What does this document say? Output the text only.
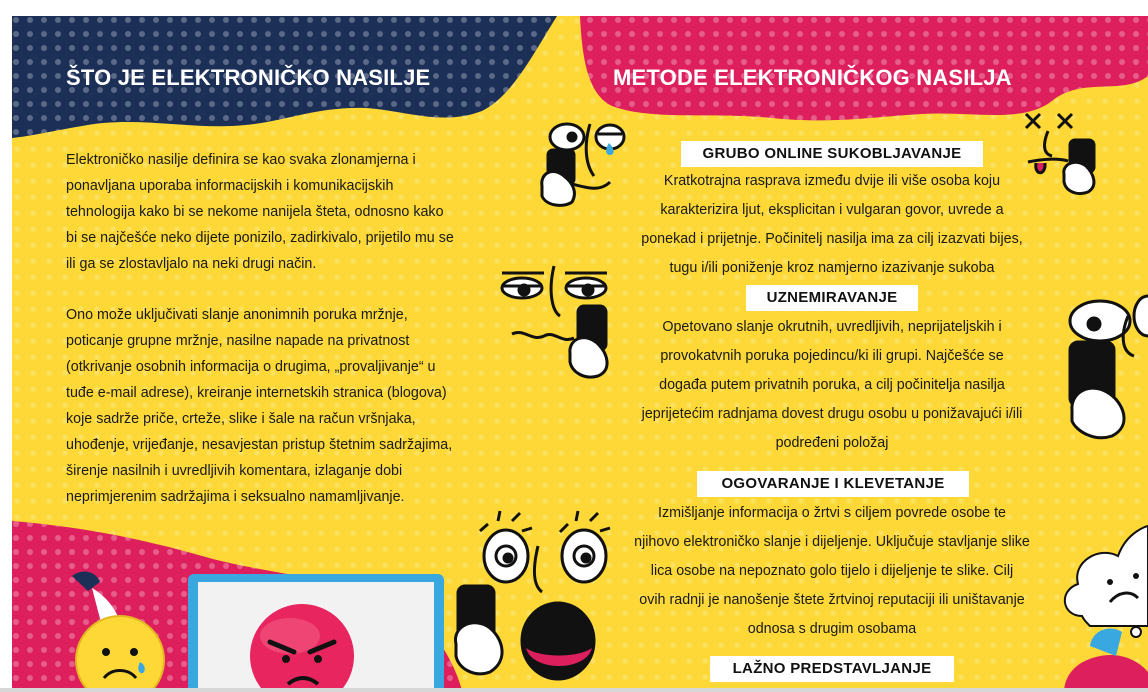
ŠTO JE ELEKTRONIČKO NASILJE
Elektroničko nasilje definira se kao svaka zlonamjerna i
ponavljana uporaba informacijskih i komunikacijskih
tehnologija kako bi se nekome nanijela šteta, odnosno kako
bi se najčešće neko dijete ponizilo, zadirkivalo, prijetilo mu se
ili ga se zlostavljalo na neki drugi način.
Ono može uključivati slanje anonimnih poruka mržnje,
poticanje grupne mržnje, nasilne napade na privatnost
(otkrivanje osobnih informacija o drugima, „provaljivanje“ u
tuđe e-mail adrese), kreiranje internetskih stranica (blogova)
koje sadrže priče, crteže, slike i šale na račun vršnjaka,
uhođenje, vrijeđanje, nesavjestan pristup štetnim sadržajima,
širenje nasilnih i uvredljivih komentara, izlaganje dobi
neprimjerenim sadržajima i seksualno namamljivanje.
METODE ELEKTRONIČKOG NASILJA
GRUBO ONLINE SUKOBLJAVANJE
Kratkotrajna rasprava između dvije ili više osoba koju
karakterizira ljut, eksplicitan i vulgaran govor, uvrede a
ponekad i prijetnje. Počinitelj nasilja ima za cilj izazvati bijes,
tugu i/ili poniženje kroz namjerno izazivanje sukoba
UZNEMIRAVANJE
Opetovano slanje okrutnih, uvredljivih, neprijateljskih i
provokatvnih poruka pojedincu/ki ili grupi. Najčešće se
događa putem privatnih poruka, a cilj počinitelja nasilja
jeprijetećim radnjama dovest drugu osobu u ponižavajući i/ili
podređeni položaj
OGOVARANJE I KLEVETANJE
Izmišljanje informacija o žrtvi s ciljem povrede osobe te
njihovo elektroničko slanje i dijeljenje. Uključuje stavljanje slike
lica osobe na nepoznato golo tijelo i dijeljenje te slike. Cilj
ovih radnji je nanošenje štete žrtvinoj reputaciji ili uništavanje
odnosa s drugim osobama
LAŽNO PREDSTAVLJANJE
